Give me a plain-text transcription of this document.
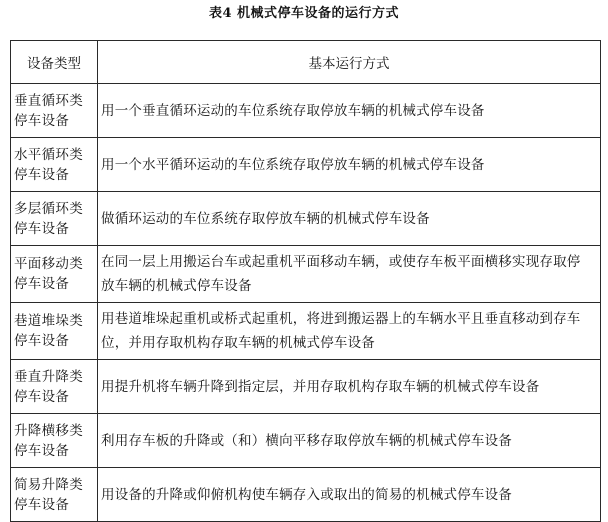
表4 机械式停车设备的运行方式
设备类型	基本运行方式

垂直循环类
停车设备	用一个垂直循环运动的车位系统存取停放车辆的机械式停车设备

水平循环类
停车设备	用一个水平循环运动的车位系统存取停放车辆的机械式停车设备

多层循环类
停车设备	做循环运动的车位系统存取停放车辆的机械式停车设备

平面移动类
停车设备	在同一层上用搬运台车或起重机平面移动车辆，或使存车板平面横移实现存取停放车辆的机械式停车设备

巷道堆垛类
停车设备	用巷道堆垛起重机或桥式起重机，将进到搬运器上的车辆水平且垂直移动到存车位，并用存取机构存取车辆的机械式停车设备

垂直升降类
停车设备	用提升机将车辆升降到指定层，并用存取机构存取车辆的机械式停车设备

升降横移类
停车设备	利用存车板的升降或（和）横向平移存取停放车辆的机械式停车设备

简易升降类
停车设备	用设备的升降或仰俯机构使车辆存入或取出的简易的机械式停车设备
